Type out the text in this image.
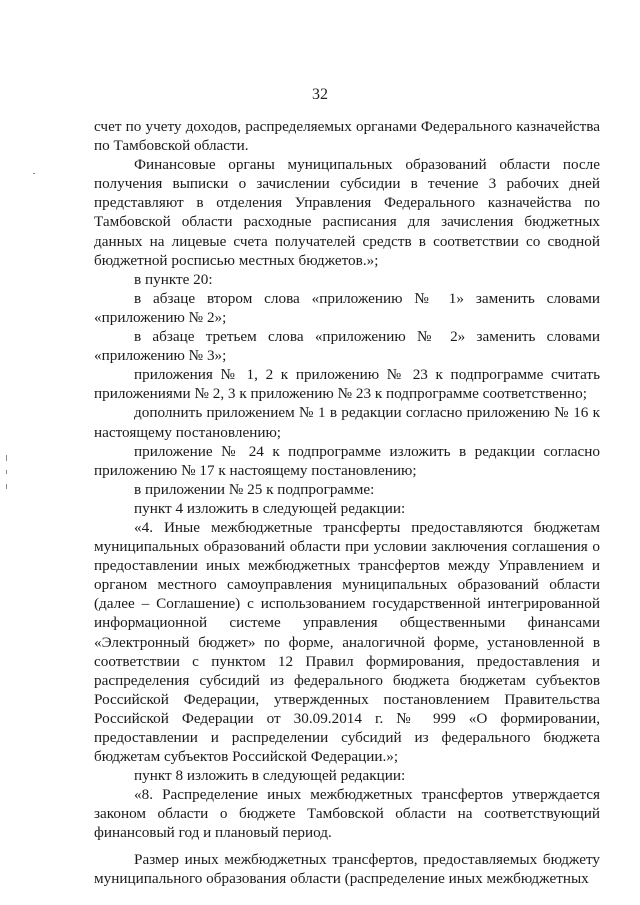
32

счет по учету доходов, распределяемых органами Федерального казначейства по Тамбовской области.

Финансовые органы муниципальных образований области после получения выписки о зачислении субсидии в течение 3 рабочих дней представляют в отделения Управления Федерального казначейства по Тамбовской области расходные расписания для зачисления бюджетных данных на лицевые счета получателей средств в соответствии со сводной бюджетной росписью местных бюджетов.»;

в пункте 20:

в абзаце втором слова «приложению № 1» заменить словами «приложению № 2»;

в абзаце третьем слова «приложению № 2» заменить словами «приложению № 3»;

приложения № 1, 2 к приложению № 23 к подпрограмме считать приложениями № 2, 3 к приложению № 23 к подпрограмме соответственно;

дополнить приложением № 1 в редакции согласно приложению № 16 к настоящему постановлению;

приложение № 24 к подпрограмме изложить в редакции согласно приложению № 17 к настоящему постановлению;

в приложении № 25 к подпрограмме:

пункт 4 изложить в следующей редакции:

«4. Иные межбюджетные трансферты предоставляются бюджетам муниципальных образований области при условии заключения соглашения о предоставлении иных межбюджетных трансфертов между Управлением и органом местного самоуправления муниципальных образований области (далее – Соглашение) с использованием государственной интегрированной информационной системе управления общественными финансами «Электронный бюджет» по форме, аналогичной форме, установленной в соответствии с пунктом 12 Правил формирования, предоставления и распределения субсидий из федерального бюджета бюджетам субъектов Российской Федерации, утвержденных постановлением Правительства Российской Федерации от 30.09.2014 г. № 999 «О формировании, предоставлении и распределении субсидий из федерального бюджета бюджетам субъектов Российской Федерации.»;

пункт 8 изложить в следующей редакции:

«8. Распределение иных межбюджетных трансфертов утверждается законом области о бюджете Тамбовской области на соответствующий финансовый год и плановый период.

Размер иных межбюджетных трансфертов, предоставляемых бюджету муниципального образования области (распределение иных межбюджетных
